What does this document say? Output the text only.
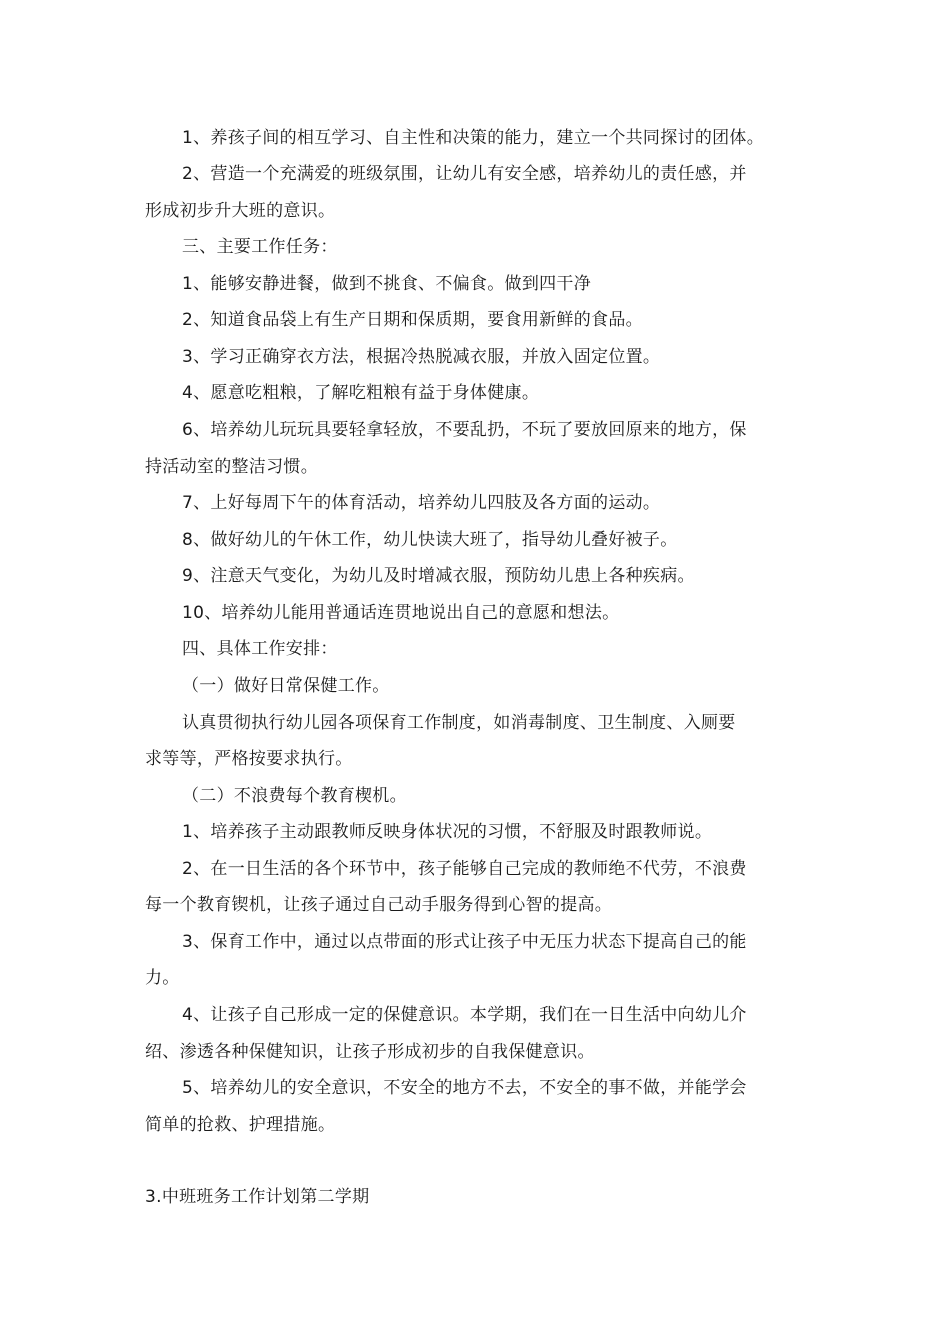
1、养孩子间的相互学习、自主性和决策的能力，建立一个共同探讨的团体。
2、营造一个充满爱的班级氛围，让幼儿有安全感，培养幼儿的责任感，并
形成初步升大班的意识。
三、主要工作任务：
1、能够安静进餐，做到不挑食、不偏食。做到四干净
2、知道食品袋上有生产日期和保质期，要食用新鲜的食品。
3、学习正确穿衣方法，根据冷热脱减衣服，并放入固定位置。
4、愿意吃粗粮，了解吃粗粮有益于身体健康。
6、培养幼儿玩玩具要轻拿轻放，不要乱扔，不玩了要放回原来的地方，保
持活动室的整洁习惯。
7、上好每周下午的体育活动，培养幼儿四肢及各方面的运动。
8、做好幼儿的午休工作，幼儿快读大班了，指导幼儿叠好被子。
9、注意天气变化，为幼儿及时增减衣服，预防幼儿患上各种疾病。
10、培养幼儿能用普通话连贯地说出自己的意愿和想法。
四、具体工作安排：
（一）做好日常保健工作。
认真贯彻执行幼儿园各项保育工作制度，如消毒制度、卫生制度、入厕要
求等等，严格按要求执行。
（二）不浪费每个教育楔机。
1、培养孩子主动跟教师反映身体状况的习惯，不舒服及时跟教师说。
2、在一日生活的各个环节中，孩子能够自己完成的教师绝不代劳，不浪费
每一个教育锲机，让孩子通过自己动手服务得到心智的提高。
3、保育工作中，通过以点带面的形式让孩子中无压力状态下提高自己的能
力。
4、让孩子自己形成一定的保健意识。本学期，我们在一日生活中向幼儿介
绍、渗透各种保健知识，让孩子形成初步的自我保健意识。
5、培养幼儿的安全意识，不安全的地方不去，不安全的事不做，并能学会
简单的抢救、护理措施。
3.中班班务工作计划第二学期
